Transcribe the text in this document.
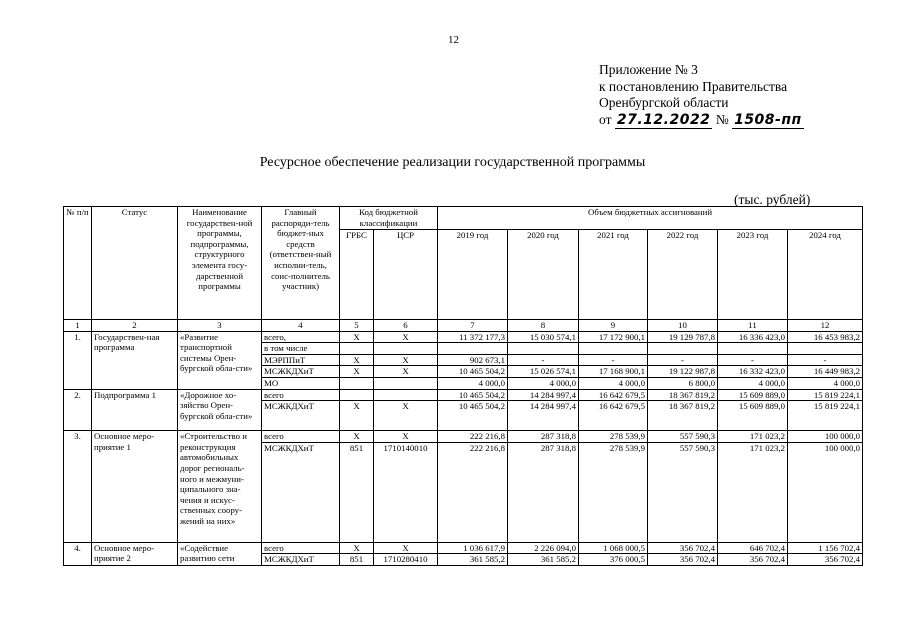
12
Приложение № 3
к постановлению Правительства
Оренбургской области
от 27.12.2022 № 1508-пп
Ресурсное обеспечение реализации государственной программы
(тыс. рублей)
№ п/п	Статус	Наименование государствен-ной программы, подпрограммы, структурного элемента госу-дарственной программы	Главный распоряди-тель бюджет-ных средств (ответствен-ный исполни-тель, соис-полнитель участник)	Код бюджетной классификации		Объем бюджетных ассигнований					
				ГРБС	ЦСР	2019 год	2020 год	2021 год	2022 год	2023 год	2024 год
1	2	3	4	5	6	7	8	9	10	11	12
1.	Государствен-ная программа	«Развитие транспортной системы Орен-бургской обла-сти»	всего,	Х	Х	11 372 177,3	15 030 574,1	17 172 900,1	19 129 787,8	16 336 423,0	16 453 983,2
			в том числе								
			МЭРППиТ	Х	Х	902 673,1	-	-	-	-	-
			МСЖКДХиТ	Х	Х	10 465 504,2	15 026 574,1	17 168 900,1	19 122 987,8	16 332 423,0	16 449 983,2
			МО			4 000,0	4 000,0	4 000,0	6 800,0	4 000,0	4 000,0
2.	Подпрограмма 1	«Дорожное хо-зяйство Орен-бургской обла-сти»	всего			10 465 504,2	14 284 997,4	16 642 679,5	18 367 819,2	15 609 889,0	15 819 224,1
			МСЖКДХиТ	Х	Х	10 465 504,2	14 284 997,4	16 642 679,5	18 367 819,2	15 609 889,0	15 819 224,1
3.	Основное меро-приятие 1	«Строительство и реконструкция автомобильных дорог региональ-ного и межмуни-ципального зна-чения и искус-ственных соору-жений на них»	всего	Х	Х	222 216,8	287 318,8	278 539,9	557 590,3	171 023,2	100 000,0
			МСЖКДХиТ	851	1710140010	222 216,8	287 318,8	278 539,9	557 590,3	171 023,2	100 000,0
4.	Основное меро-приятие 2	«Содействие развитию сети	всего	Х	Х	1 036 617,9	2 226 094,0	1 068 000,5	356 702,4	646 702,4	1 156 702,4
			МСЖКДХиТ	851	1710280410	361 585,2	361 585,2	376 000,5	356 702,4	356 702,4	356 702,4
